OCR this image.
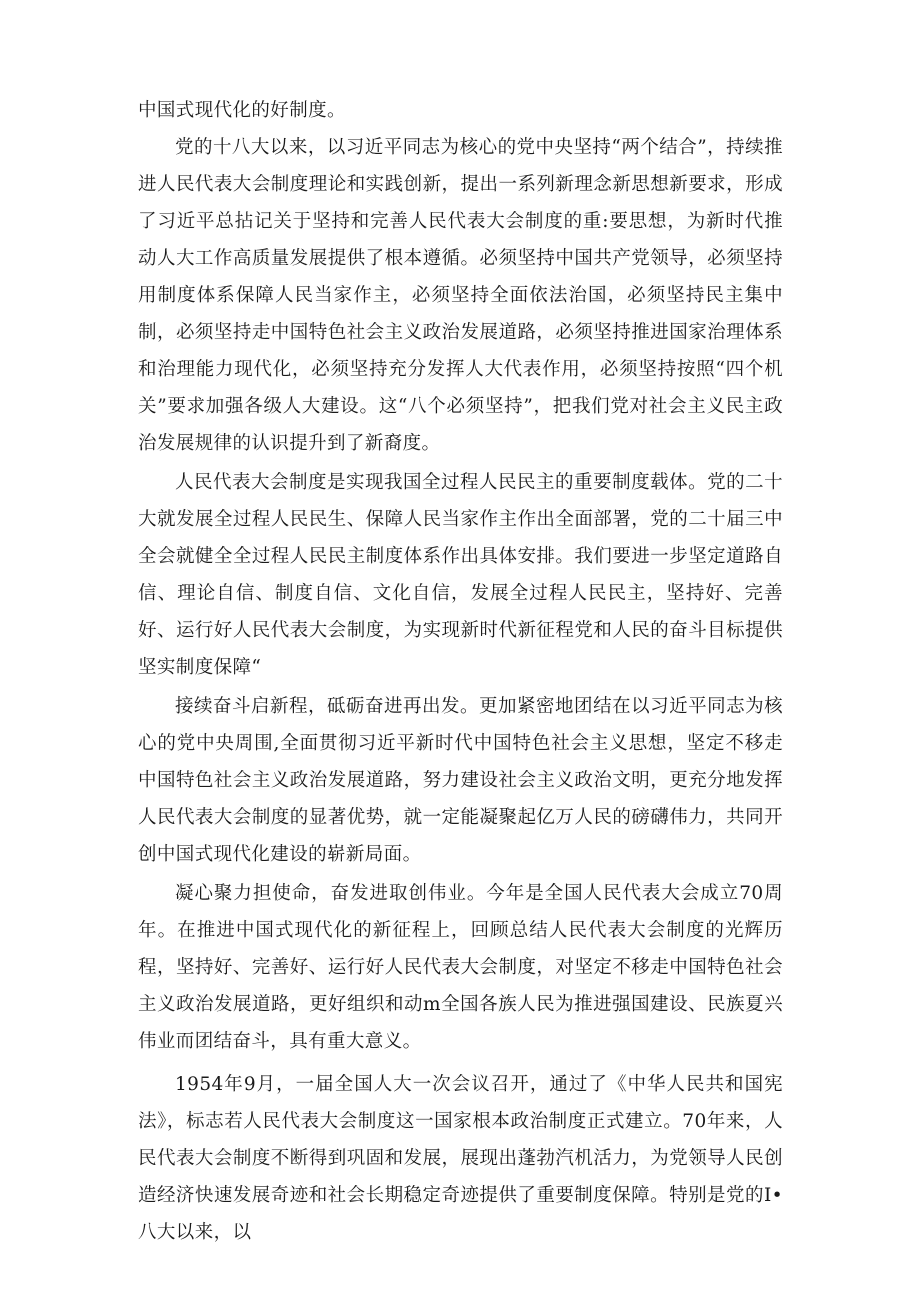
中国式现代化的好制度。

党的十八大以来，以习近平同志为核心的党中央坚持“两个结合”，持续推进人民代表大会制度理论和实践创新，提出一系列新理念新思想新要求，形成了习近平总拈记关于坚持和完善人民代表大会制度的重:要思想，为新时代推动人大工作高质量发展提供了根本遵循。必须坚持中国共产党领导，必须坚持用制度体系保障人民当家作主，必须坚持全面依法治国，必须坚持民主集中制，必须坚持走中国特色社会主义政治发展道路，必须坚持推进国家治理体系和治理能力现代化，必须坚持充分发挥人大代表作用，必须坚持按照“四个机关”要求加强各级人大建设。这“八个必须坚持”，把我们党对社会主义民主政治发展规律的认识提升到了新裔度。

人民代表大会制度是实现我国全过程人民民主的重要制度载体。党的二十大就发展全过程人民民生、保障人民当家作主作出全面部署，党的二十届三中全会就健全全过程人民民主制度体系作出具体安排。我们要进一步坚定道路自信、理论自信、制度自信、文化自信，发展全过程人民民主，坚持好、完善好、运行好人民代表大会制度，为实现新时代新征程党和人民的奋斗目标提供坚实制度保障“

接续奋斗启新程，砥砺奋进再出发。更加紧密地团结在以习近平同志为核心的党中央周围,全面贯彻习近平新时代中国特色社会主义思想，坚定不移走中国特色社会主义政治发展道路，努力建设社会主义政治文明，更充分地发挥人民代表大会制度的显著优势，就一定能凝聚起亿万人民的磅礴伟力，共同开创中国式现代化建设的崭新局面。

凝心聚力担使命，奋发进取创伟业。今年是全国人民代表大会成立70周年。在推进中国式现代化的新征程上，回顾总结人民代表大会制度的光辉历程，坚持好、完善好、运行好人民代表大会制度，对坚定不移走中国特色社会主义政治发展道路，更好组织和动m全国各族人民为推进强国建设、民族夏兴伟业而团结奋斗，具有重大意义。

1954年9月，一届全国人大一次会议召开，通过了《中华人民共和国宪法》，标志若人民代表大会制度这一国家根本政治制度正式建立。70年来，人民代表大会制度不断得到巩固和发展，展现出蓬勃汽机活力，为党领导人民创造经济快速发展奇迹和社会长期稳定奇迹提供了重要制度保障。特别是党的I•八大以来，以
